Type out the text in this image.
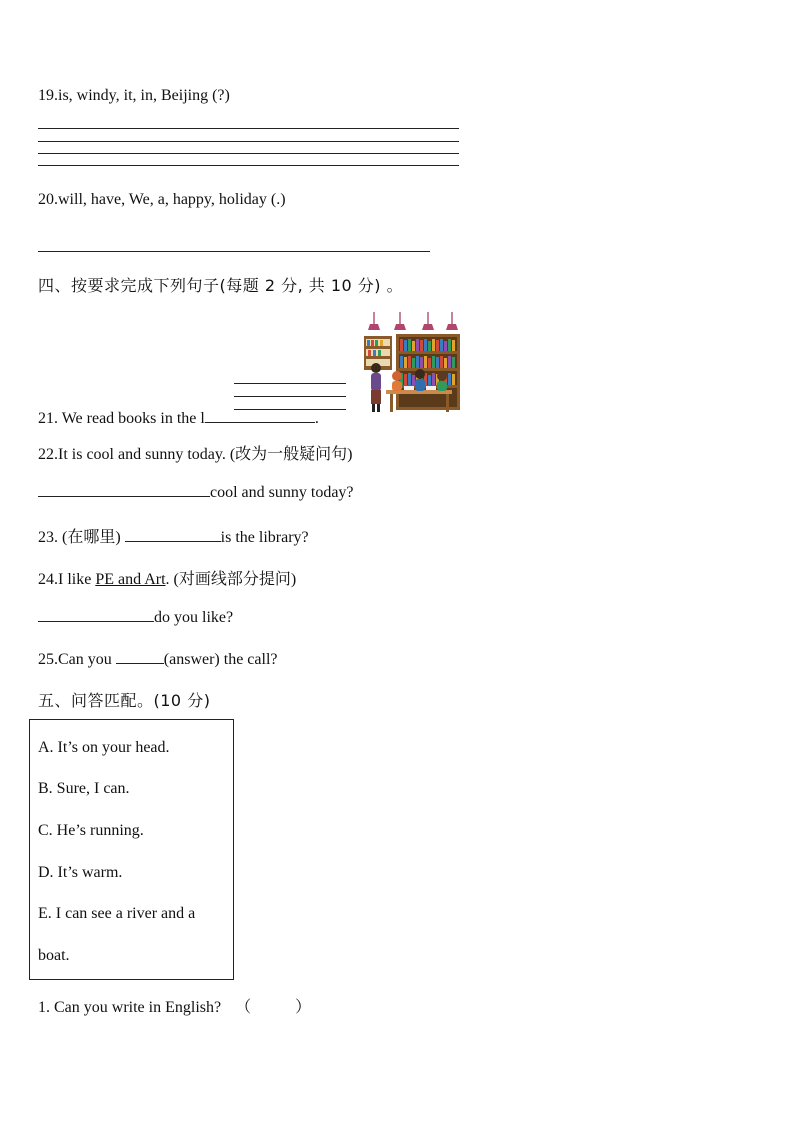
19.is, windy, it, in, Beijing (?)
20.will, have, We, a, happy, holiday (.)
四、按要求完成下列句子(每题 2 分, 共 10 分) 。
21. We read books in the l	.
22.It is cool and sunny today. (改为一般疑问句)
cool and sunny today?
23. (在哪里)	is the library?
24.I like PE and Art. (对画线部分提问)
do you like?
25.Can you	(answer) the call?
五、问答匹配。(10 分)
A. It’s on your head.
B. Sure, I can.
C. He’s running.
D. It’s warm.
E. I can see a river and a
boat.
1. Can you write in English? （	）
